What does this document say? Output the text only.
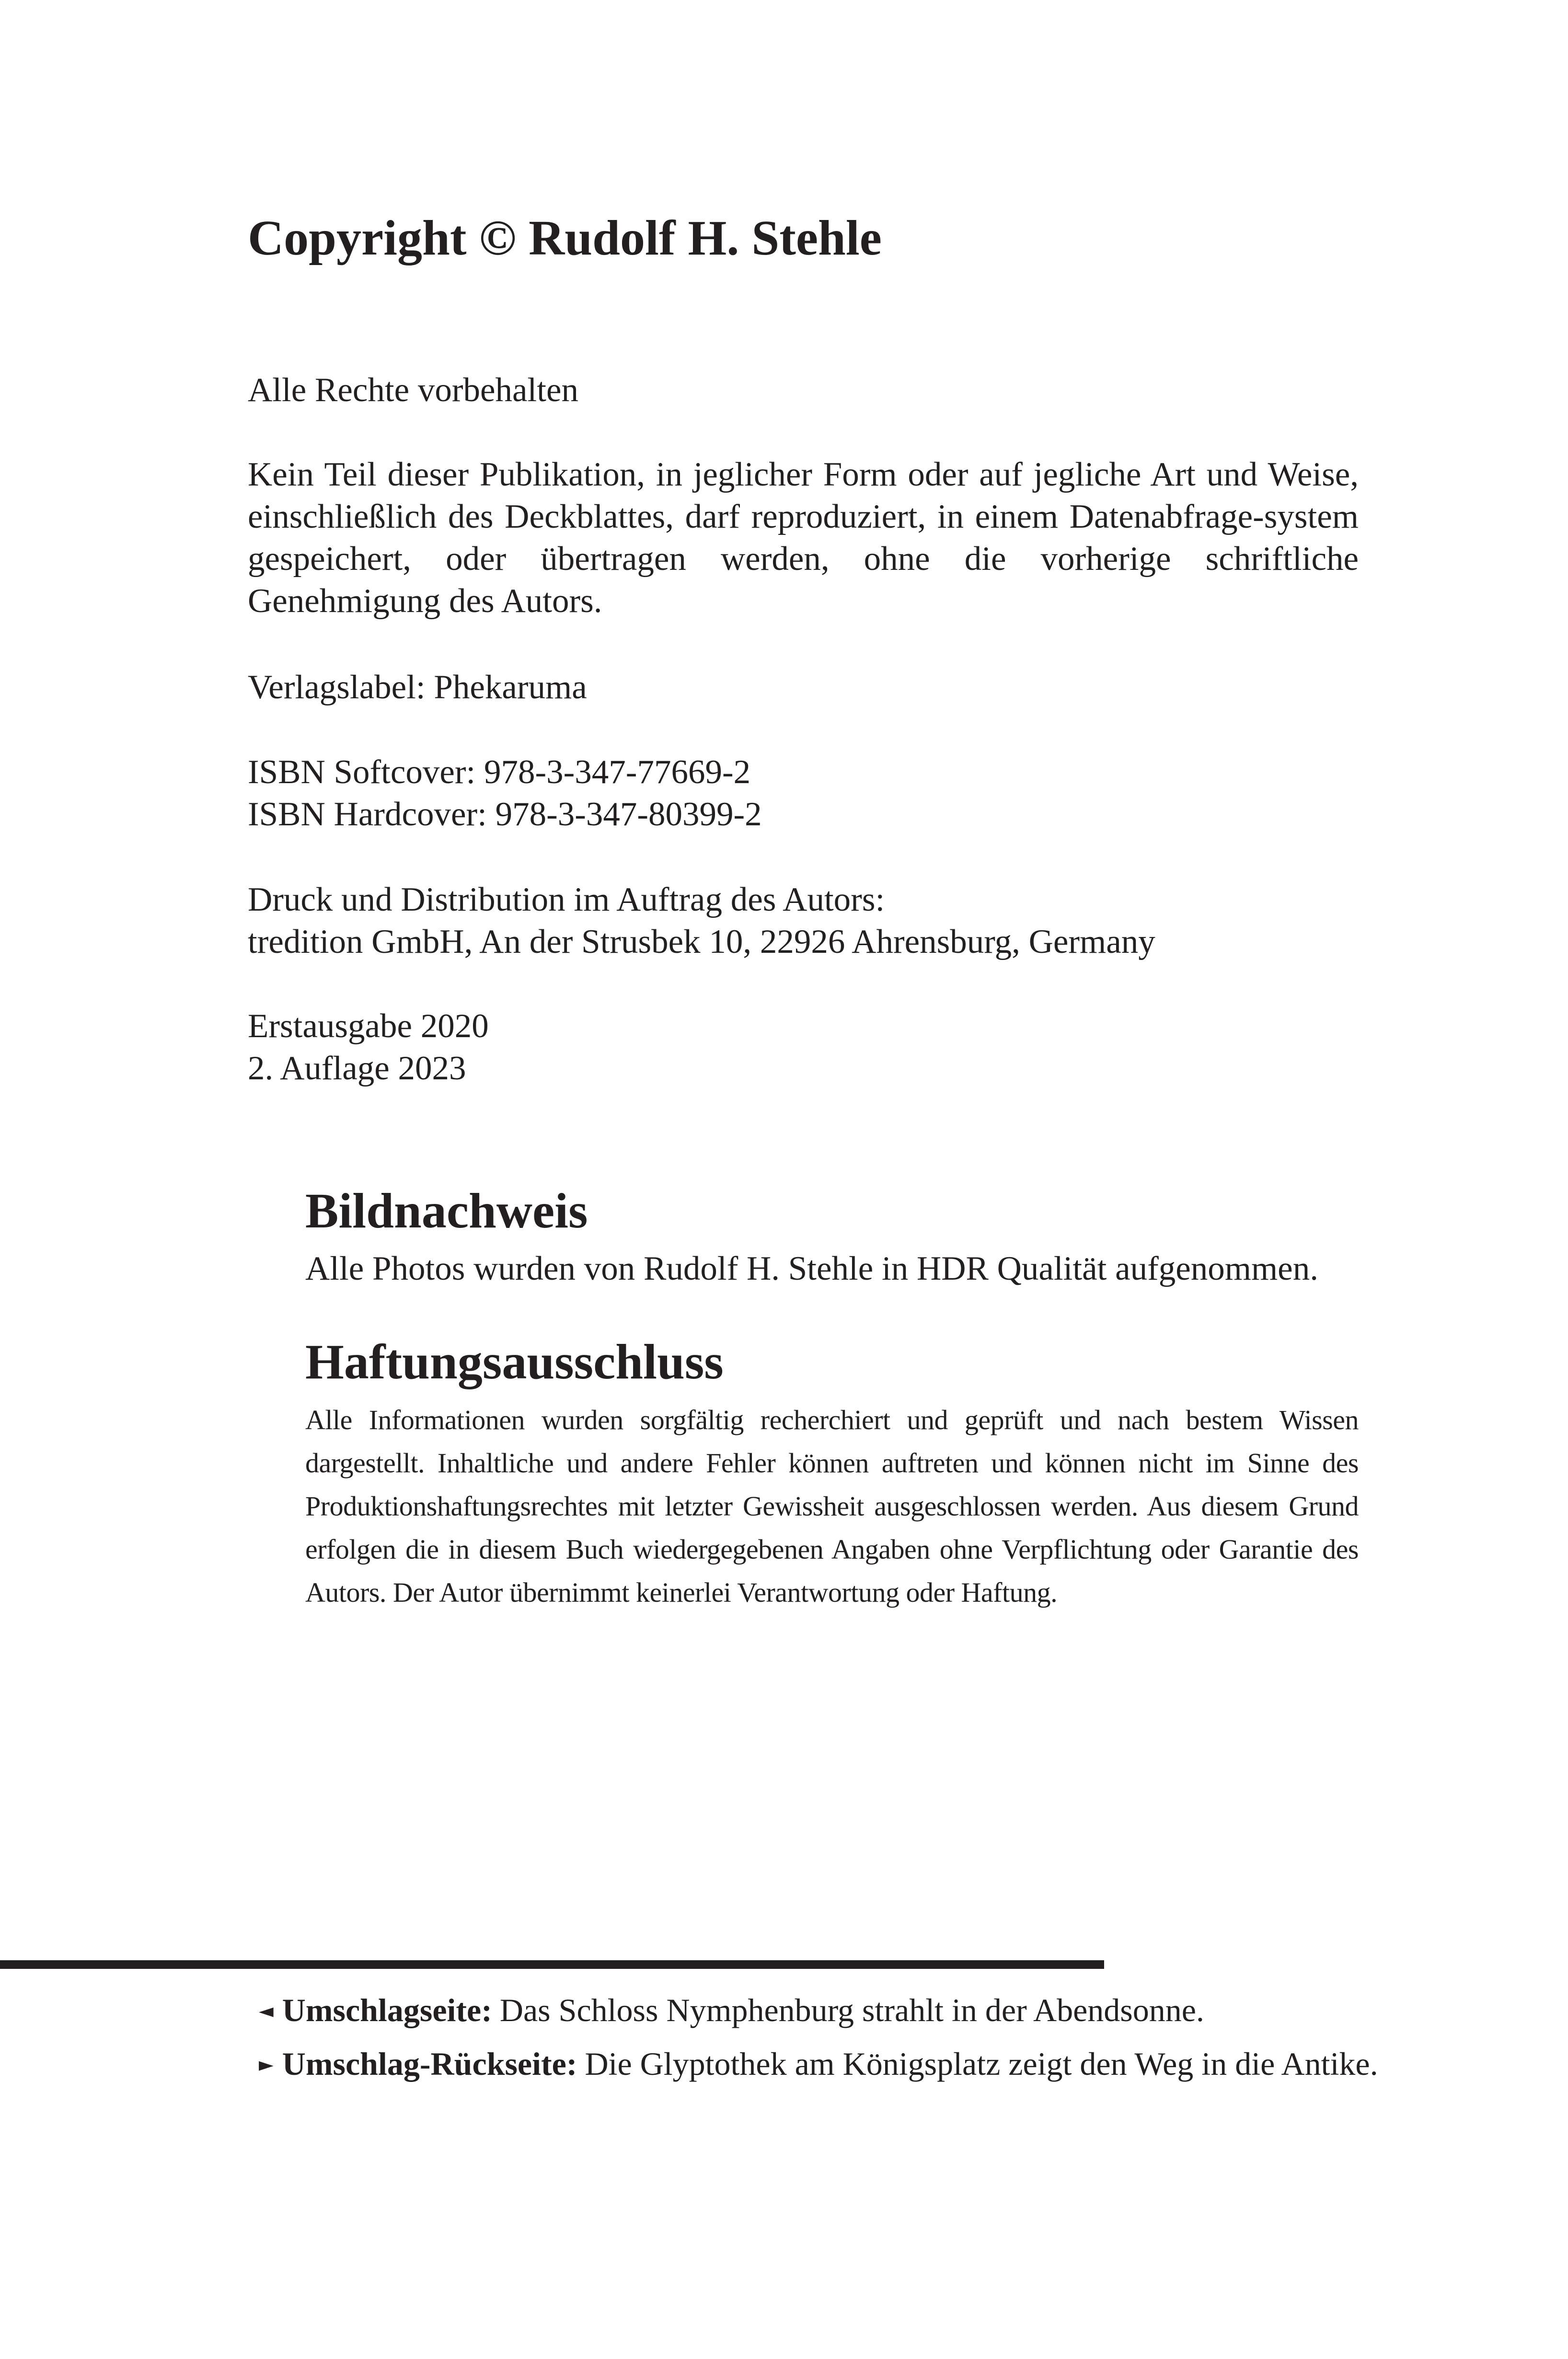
Copyright © Rudolf H. Stehle

Alle Rechte vorbehalten

Kein Teil dieser Publikation, in jeglicher Form oder auf jegliche Art und Weise, einschließlich des Deckblattes, darf reproduziert, in einem Datenabfrage-system gespeichert, oder übertragen werden, ohne die vorherige schriftliche Genehmigung des Autors.

Verlagslabel: Phekaruma

ISBN Softcover: 978-3-347-77669-2
ISBN Hardcover: 978-3-347-80399-2
Druck und Distribution im Auftrag des Autors:
tredition GmbH, An der Strusbek 10, 22926 Ahrensburg, Germany
Erstausgabe 2020
2. Auflage 2023
Bildnachweis

Alle Photos wurden von Rudolf H. Stehle in HDR Qualität aufgenommen.

Haftungsausschluss

Alle Informationen wurden sorgfältig recherchiert und geprüft und nach bestem Wissen dargestellt. Inhaltliche und andere Fehler können auftreten und können nicht im Sinne des Produktionshaftungsrechtes mit letzter Gewissheit ausgeschlossen werden. Aus diesem Grund erfolgen die in diesem Buch wiedergegebenen Angaben ohne Verpflichtung oder Garantie des Autors. Der Autor übernimmt keinerlei Verantwortung oder Haftung.

◄ Umschlagseite: Das Schloss Nymphenburg strahlt in der Abendsonne.
► Umschlag-Rückseite: Die Glyptothek am Königsplatz zeigt den Weg in die Antike.
